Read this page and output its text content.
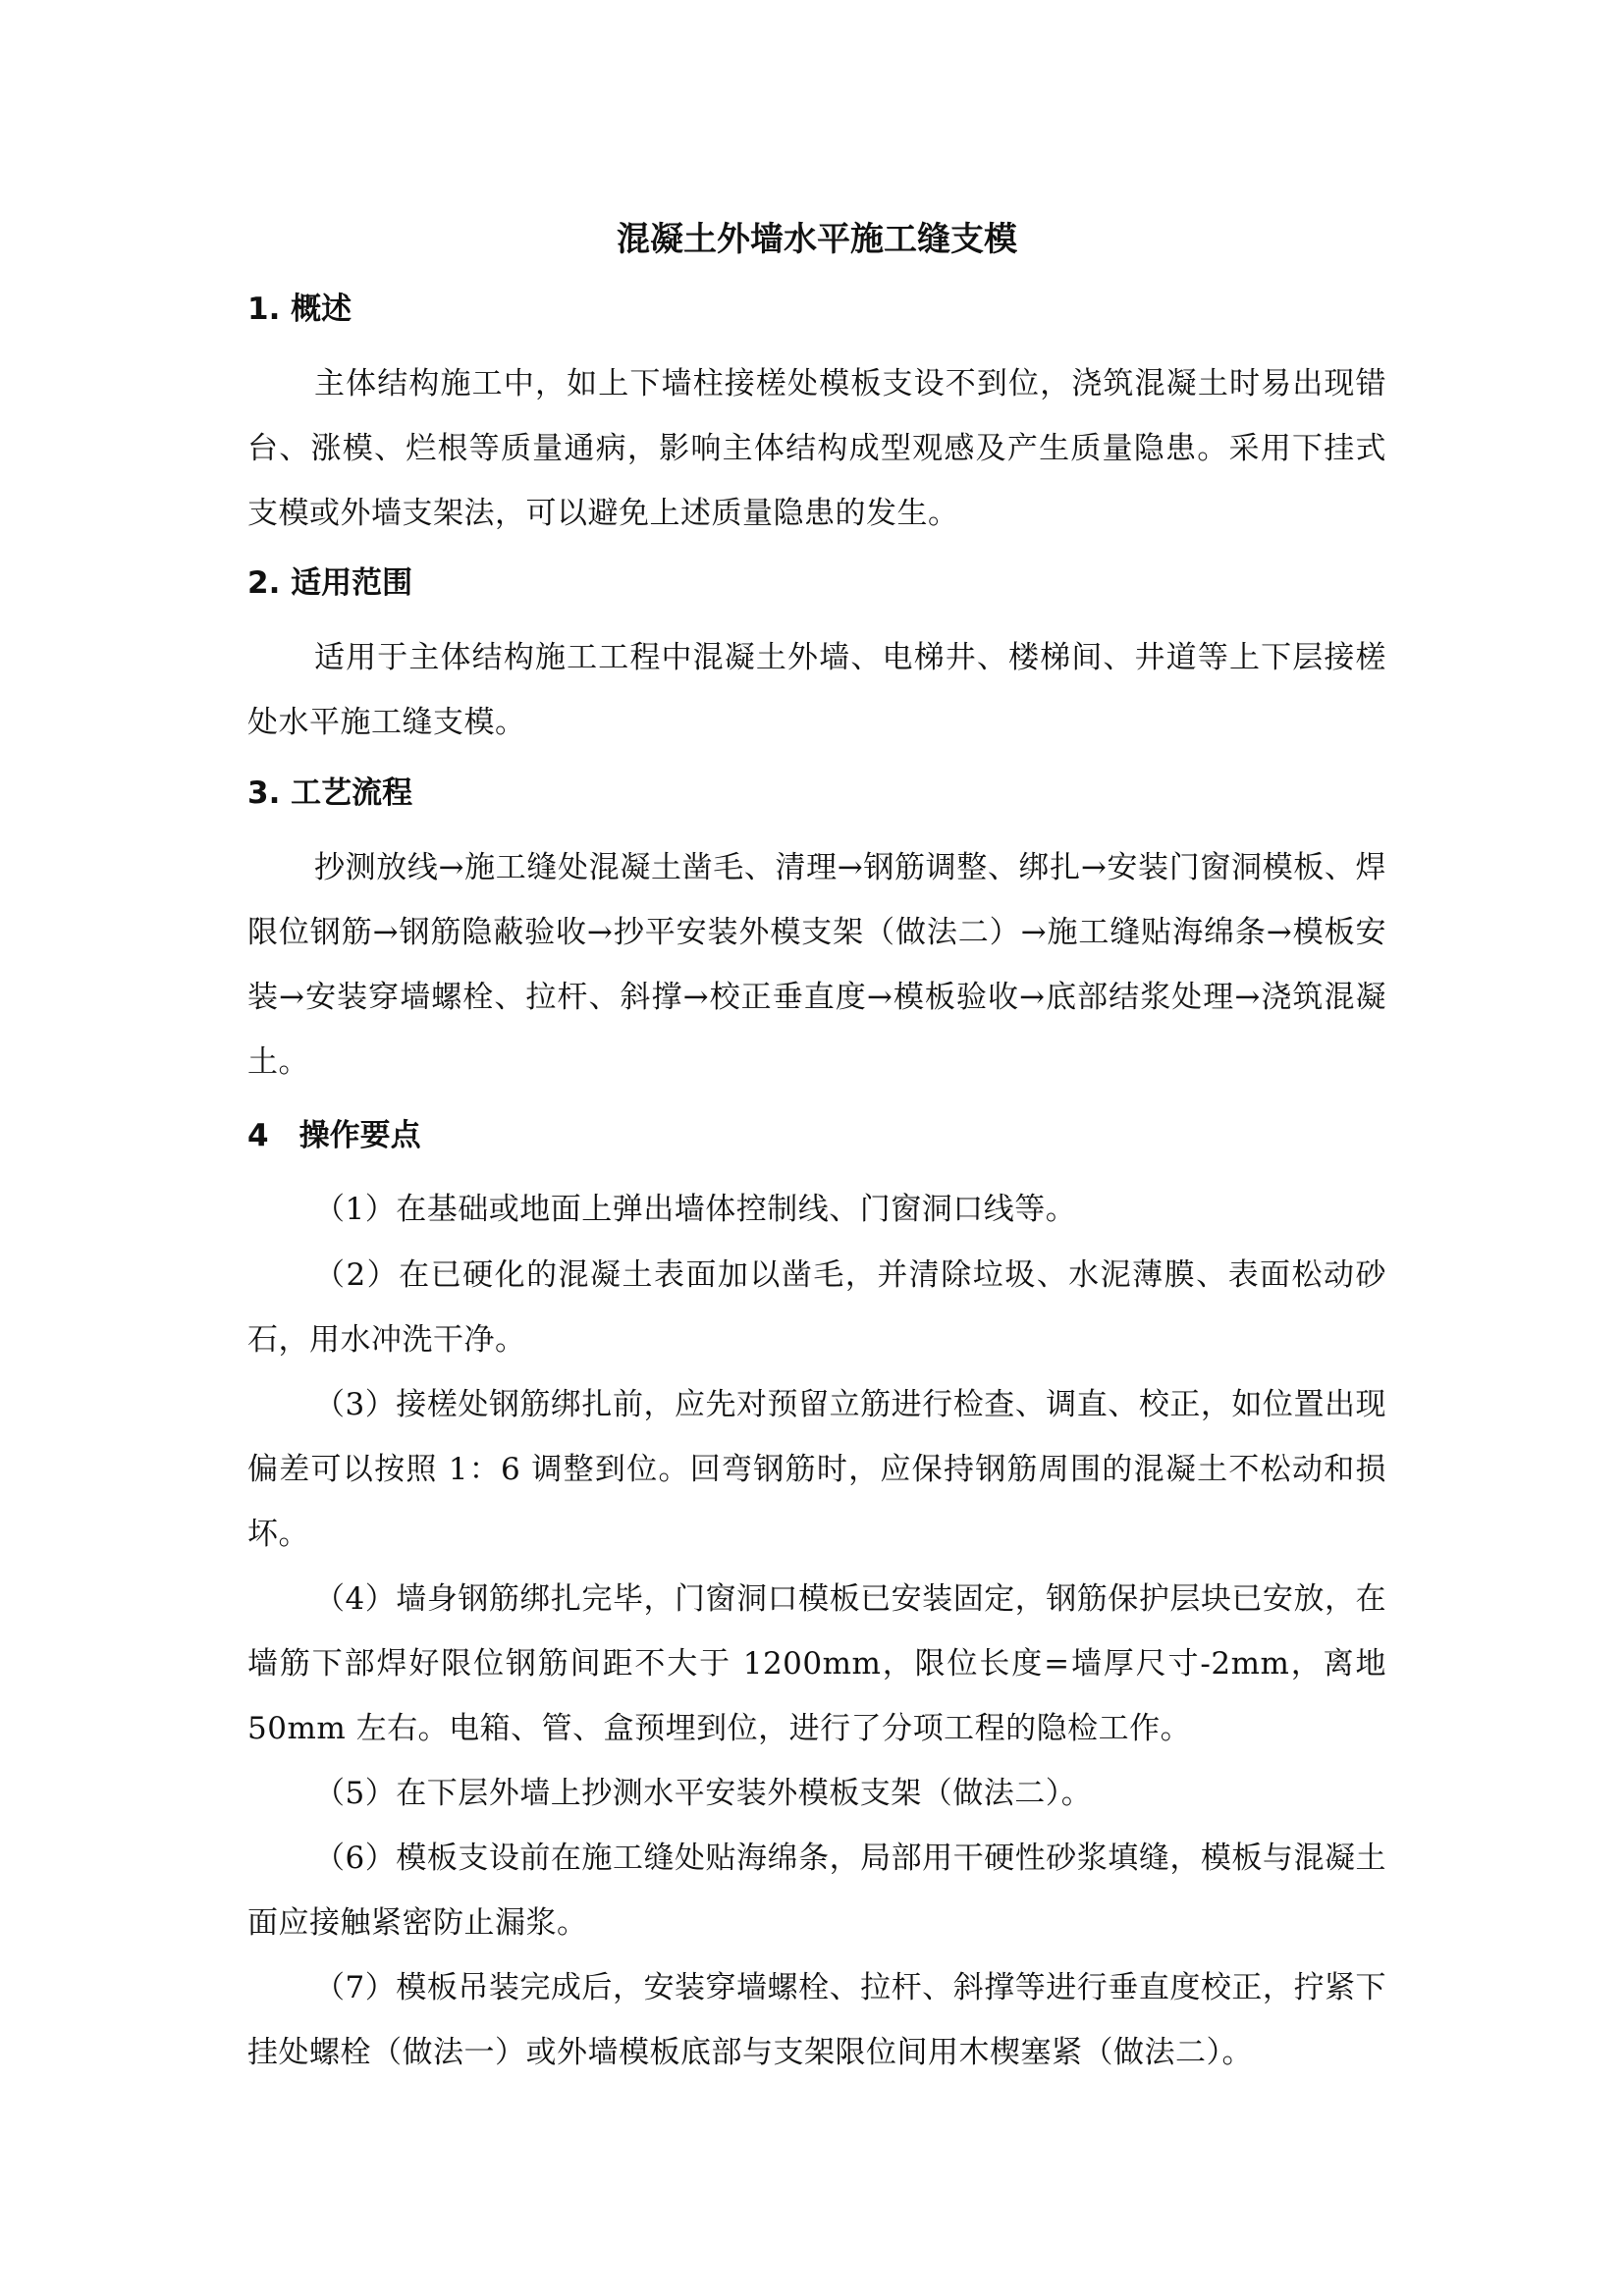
混凝土外墙水平施工缝支模
1. 概述

主体结构施工中，如上下墙柱接槎处模板支设不到位，浇筑混凝土时易出现错台、涨模、烂根等质量通病，影响主体结构成型观感及产生质量隐患。采用下挂式支模或外墙支架法，可以避免上述质量隐患的发生。

2. 适用范围

适用于主体结构施工工程中混凝土外墙、电梯井、楼梯间、井道等上下层接槎处水平施工缝支模。

3. 工艺流程

抄测放线→施工缝处混凝土凿毛、清理→钢筋调整、绑扎→安装门窗洞模板、焊限位钢筋→钢筋隐蔽验收→抄平安装外模支架（做法二）→施工缝贴海绵条→模板安装→安装穿墙螺栓、拉杆、斜撑→校正垂直度→模板验收→底部结浆处理→浇筑混凝土。

4　操作要点

（1）在基础或地面上弹出墙体控制线、门窗洞口线等。

（2）在已硬化的混凝土表面加以凿毛，并清除垃圾、水泥薄膜、表面松动砂石，用水冲洗干净。

（3）接槎处钢筋绑扎前，应先对预留立筋进行检查、调直、校正，如位置出现偏差可以按照 1：6 调整到位。回弯钢筋时，应保持钢筋周围的混凝土不松动和损坏。

（4）墙身钢筋绑扎完毕，门窗洞口模板已安装固定，钢筋保护层块已安放，在墙筋下部焊好限位钢筋间距不大于 1200mm，限位长度=墙厚尺寸-2mm，离地 50mm 左右。电箱、管、盒预埋到位，进行了分项工程的隐检工作。

（5）在下层外墙上抄测水平安装外模板支架（做法二）。

（6）模板支设前在施工缝处贴海绵条，局部用干硬性砂浆填缝，模板与混凝土面应接触紧密防止漏浆。

（7）模板吊装完成后，安装穿墙螺栓、拉杆、斜撑等进行垂直度校正，拧紧下挂处螺栓（做法一）或外墙模板底部与支架限位间用木楔塞紧（做法二）。
